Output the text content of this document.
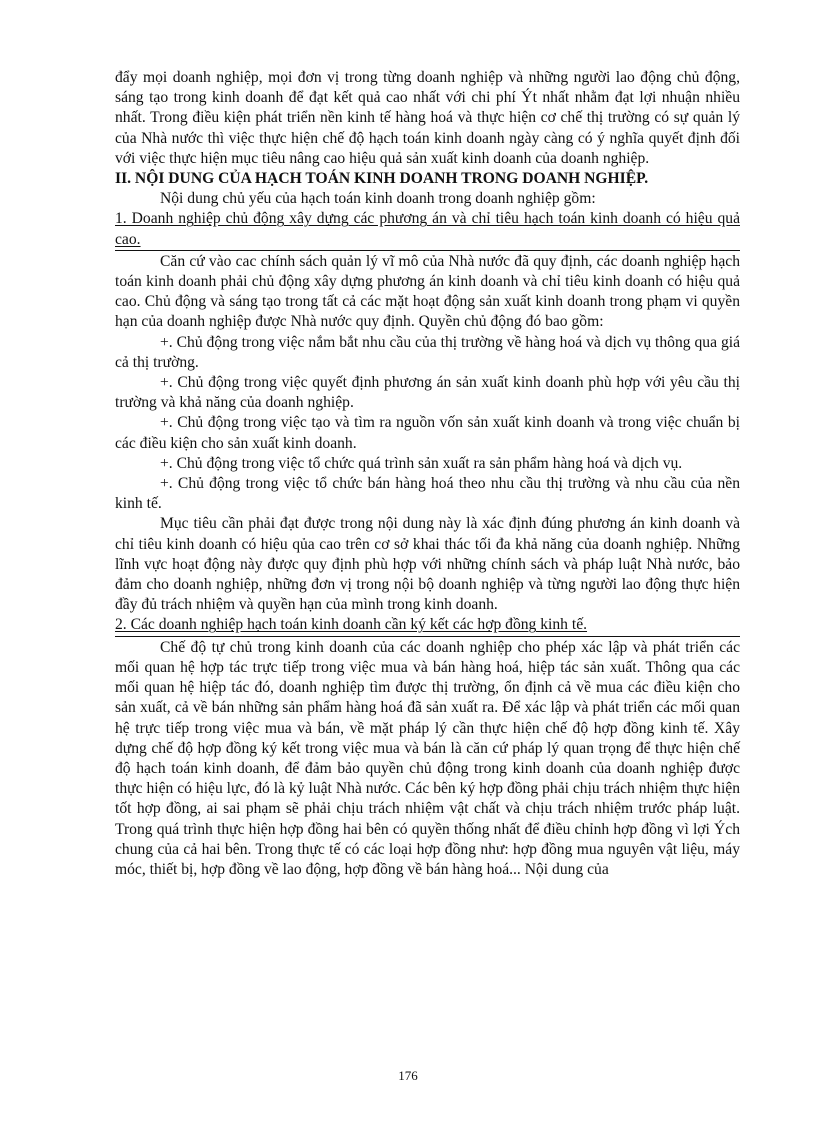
đẩy mọi doanh nghiệp, mọi đơn vị trong từng doanh nghiệp và những người lao động chủ động, sáng tạo trong kinh doanh để đạt kết quả cao nhất với chi phí Ýt nhất nhằm đạt lợi nhuận nhiều nhất. Trong điều kiện phát triển nền kinh tế hàng hoá và thực hiện cơ chế thị trường có sự quản lý của Nhà nước thì việc thực hiện chế độ hạch toán kinh doanh ngày càng có ý nghĩa quyết định đối với việc thực hiện mục tiêu nâng cao hiệu quả sản xuất kinh doanh của doanh nghiệp.

II. NỘI DUNG CỦA HẠCH TOÁN KINH DOANH TRONG DOANH NGHIỆP.

Nội dung chủ yếu của hạch toán kinh doanh trong doanh nghiệp gồm:

1. Doanh nghiệp chủ động xây dựng các phương án và chỉ tiêu hạch toán kinh doanh có hiệu quả cao.

Căn cứ vào cac chính sách quản lý vĩ mô của Nhà nước đã quy định, các doanh nghiệp hạch toán kinh doanh phải chủ động xây dựng phương án kinh doanh và chỉ tiêu kinh doanh có hiệu quả cao. Chủ động và sáng tạo trong tất cả các mặt hoạt động sản xuất kinh doanh trong phạm vi quyền hạn của doanh nghiệp được Nhà nước quy định. Quyền chủ động đó bao gồm:

+. Chủ động trong việc nắm bắt nhu cầu của thị trường về hàng hoá và dịch vụ thông qua giá cả thị trường.

+. Chủ động trong việc quyết định phương án sản xuất kinh doanh phù hợp với yêu cầu thị trường và khả năng của doanh nghiệp.

+. Chủ động trong việc tạo và tìm ra nguồn vốn sản xuất kinh doanh và trong việc chuẩn bị các điều kiện cho sản xuất kinh doanh.

+. Chủ động trong việc tổ chức quá trình sản xuất ra sản phẩm hàng hoá và dịch vụ.

+. Chủ động trong việc tổ chức bán hàng hoá theo nhu cầu thị trường và nhu cầu của nền kinh tế.

Mục tiêu cần phải đạt được trong nội dung này là xác định đúng phương án kinh doanh và chỉ tiêu kinh doanh có hiệu qủa cao trên cơ sở khai thác tối đa khả năng của doanh nghiệp. Những lĩnh vực hoạt động này được quy định phù hợp với những chính sách và pháp luật Nhà nước, bảo đảm cho doanh nghiệp, những đơn vị trong nội bộ doanh nghiệp và từng người lao động thực hiện đầy đủ trách nhiệm và quyền hạn của mình trong kinh doanh.

2. Các doanh nghiệp hạch toán kinh doanh cần ký kết các hợp đồng kinh tế.

Chế độ tự chủ trong kinh doanh của các doanh nghiệp cho phép xác lập và phát triển các mối quan hệ hợp tác trực tiếp trong việc mua và bán hàng hoá, hiệp tác sản xuất. Thông qua các mối quan hệ hiệp tác đó, doanh nghiệp tìm được thị trường, ổn định cả về mua các điều kiện cho sản xuất, cả về bán những sản phẩm hàng hoá đã sản xuất ra. Để xác lập và phát triển các mối quan hệ trực tiếp trong việc mua và bán, về mặt pháp lý cần thực hiện chế độ hợp đồng kinh tế. Xây dựng chế độ hợp đồng ký kết trong việc mua và bán là căn cứ pháp lý quan trọng để thực hiện chế độ hạch toán kinh doanh, để đảm bảo quyền chủ động trong kinh doanh của doanh nghiệp được thực hiện có hiệu lực, đó là kỷ luật Nhà nước. Các bên ký hợp đồng phải chịu trách nhiệm thực hiện tốt hợp đồng, ai sai phạm sẽ phải chịu trách nhiệm vật chất và chịu trách nhiệm trước pháp luật. Trong quá trình thực hiện hợp đồng hai bên có quyền thống nhất để điều chỉnh hợp đồng vì lợi Ých chung của cả hai bên. Trong thực tế có các loại hợp đồng như: hợp đồng mua nguyên vật liệu, máy móc, thiết bị, hợp đồng về lao động, hợp đồng về bán hàng hoá... Nội dung của

176
